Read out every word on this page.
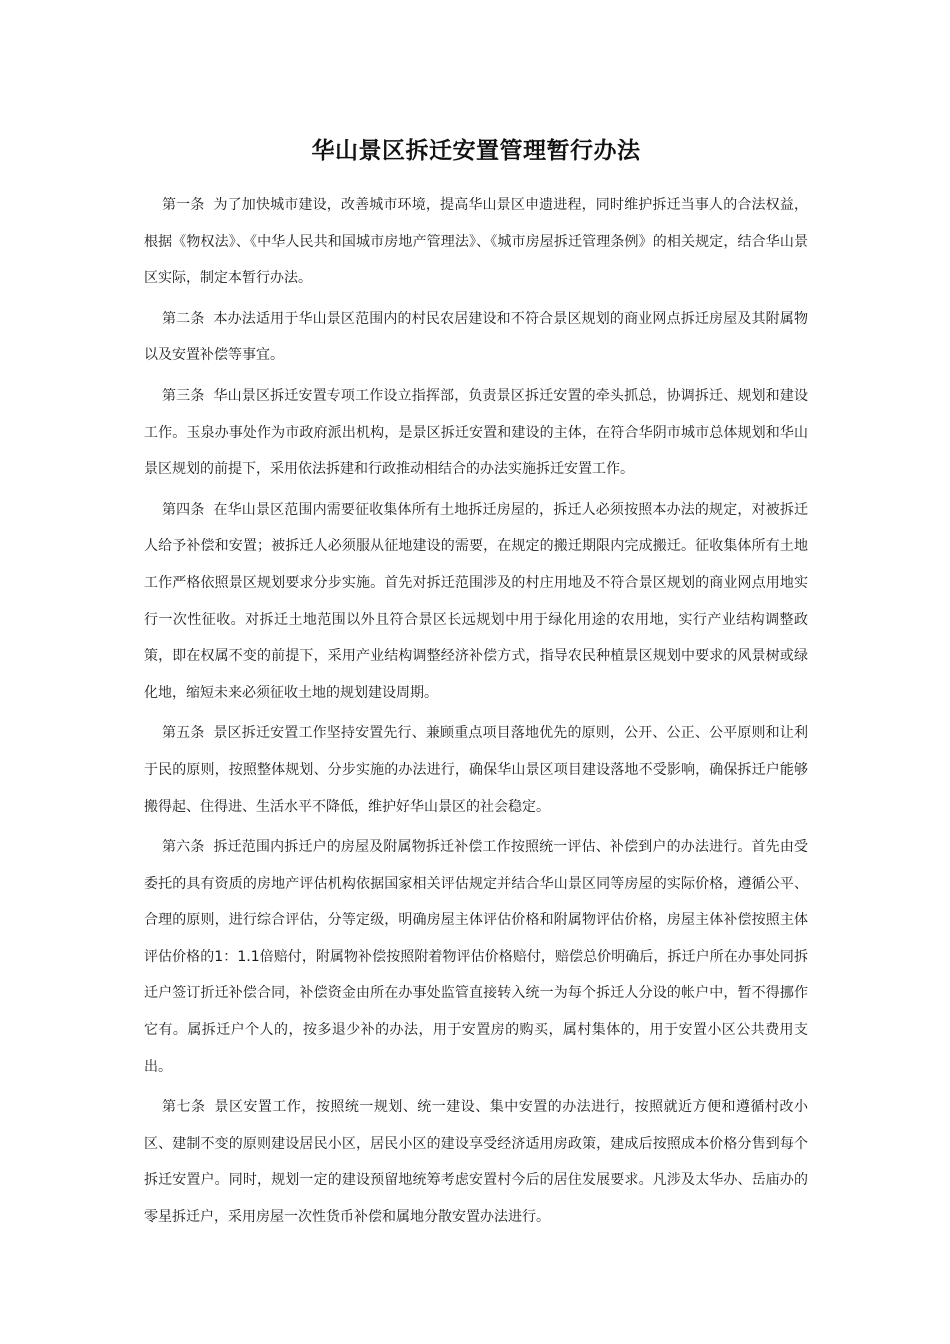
华山景区拆迁安置管理暂行办法

第一条 为了加快城市建设，改善城市环境，提高华山景区申遗进程，同时维护拆迁当事人的合法权益，根据《物权法》、《中华人民共和国城市房地产管理法》、《城市房屋拆迁管理条例》的相关规定，结合华山景区实际，制定本暂行办法。

第二条 本办法适用于华山景区范围内的村民农居建设和不符合景区规划的商业网点拆迁房屋及其附属物以及安置补偿等事宜。

第三条 华山景区拆迁安置专项工作设立指挥部，负责景区拆迁安置的牵头抓总，协调拆迁、规划和建设工作。玉泉办事处作为市政府派出机构，是景区拆迁安置和建设的主体，在符合华阴市城市总体规划和华山景区规划的前提下，采用依法拆建和行政推动相结合的办法实施拆迁安置工作。

第四条 在华山景区范围内需要征收集体所有土地拆迁房屋的，拆迁人必须按照本办法的规定，对被拆迁人给予补偿和安置；被拆迁人必须服从征地建设的需要，在规定的搬迁期限内完成搬迁。征收集体所有土地工作严格依照景区规划要求分步实施。首先对拆迁范围涉及的村庄用地及不符合景区规划的商业网点用地实行一次性征收。对拆迁土地范围以外且符合景区长远规划中用于绿化用途的农用地，实行产业结构调整政策，即在权属不变的前提下，采用产业结构调整经济补偿方式，指导农民种植景区规划中要求的风景树或绿化地，缩短未来必须征收土地的规划建设周期。

第五条 景区拆迁安置工作坚持安置先行、兼顾重点项目落地优先的原则，公开、公正、公平原则和让利于民的原则，按照整体规划、分步实施的办法进行，确保华山景区项目建设落地不受影响，确保拆迁户能够搬得起、住得进、生活水平不降低，维护好华山景区的社会稳定。

第六条 拆迁范围内拆迁户的房屋及附属物拆迁补偿工作按照统一评估、补偿到户的办法进行。首先由受委托的具有资质的房地产评估机构依据国家相关评估规定并结合华山景区同等房屋的实际价格，遵循公平、合理的原则，进行综合评估，分等定级，明确房屋主体评估价格和附属物评估价格，房屋主体补偿按照主体评估价格的1：1.1倍赔付，附属物补偿按照附着物评估价格赔付，赔偿总价明确后，拆迁户所在办事处同拆迁户签订折迁补偿合同，补偿资金由所在办事处监管直接转入统一为每个拆迁人分设的帐户中，暂不得挪作它有。属拆迁户个人的，按多退少补的办法，用于安置房的购买，属村集体的，用于安置小区公共费用支出。

第七条 景区安置工作，按照统一规划、统一建设、集中安置的办法进行，按照就近方便和遵循村改小区、建制不变的原则建设居民小区，居民小区的建设享受经济适用房政策，建成后按照成本价格分售到每个拆迁安置户。同时，规划一定的建设预留地统筹考虑安置村今后的居住发展要求。凡涉及太华办、岳庙办的零星拆迁户，采用房屋一次性货币补偿和属地分散安置办法进行。
